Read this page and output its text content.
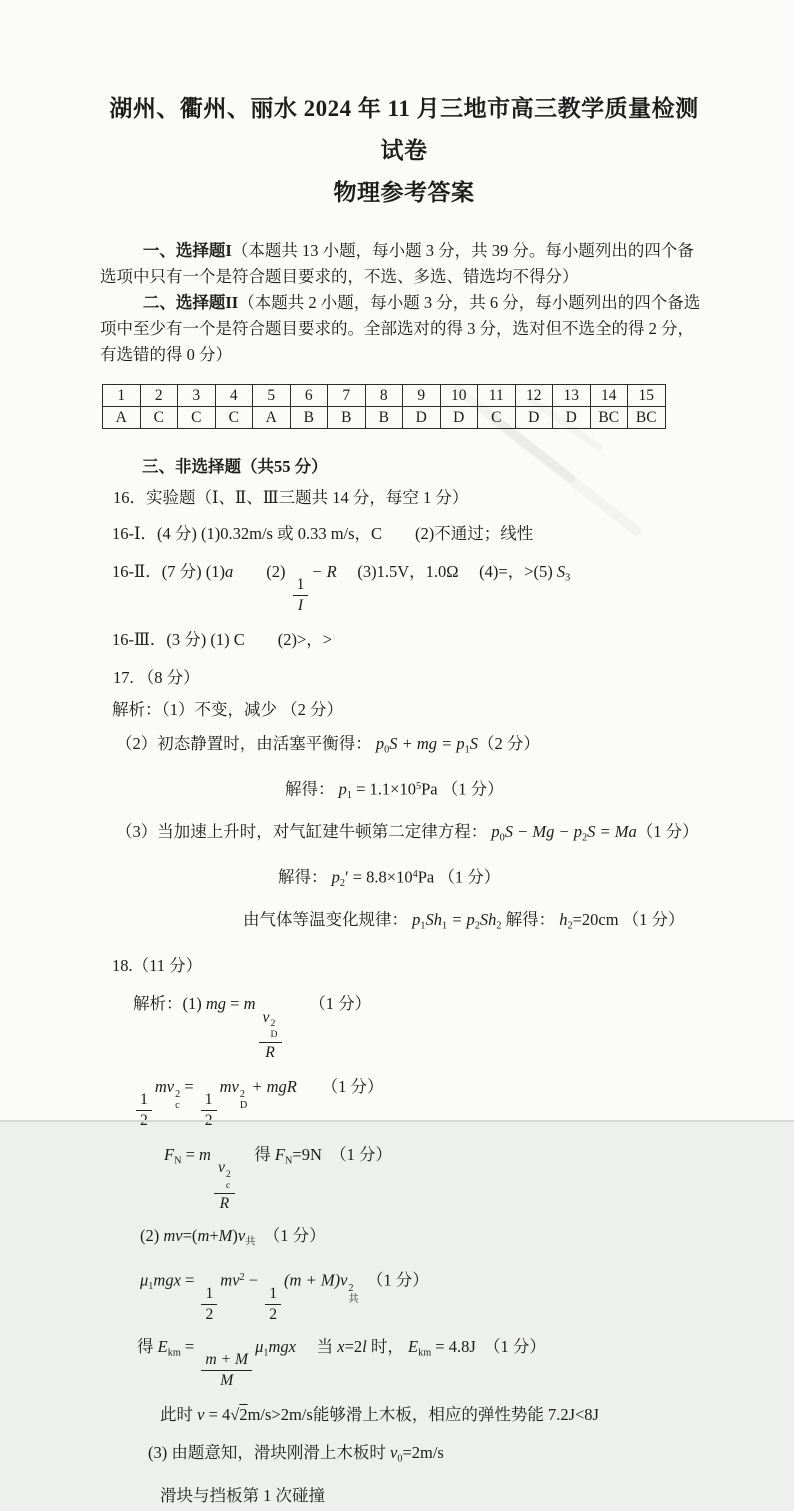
湖州、衢州、丽水 2024 年 11 月三地市高三教学质量检测试卷
物理参考答案

一、选择题I（本题共 13 小题，每小题 3 分，共 39 分。每小题列出的四个备选项中只有一个是符合题目要求的，不选、多选、错选均不得分）

二、选择题II（本题共 2 小题，每小题 3 分，共 6 分，每小题列出的四个备选项中至少有一个是符合题目要求的。全部选对的得 3 分，选对但不选全的得 2 分，有选错的得 0 分）

1	2	3	4	5	6	7	8	9	10	11	12	13	14	15
A	C	C	C	A	B	B	B	D	D	C	D	D	BC	BC

三、非选择题（共55 分）

16．实验题（Ⅰ、Ⅱ、Ⅲ三题共 14 分，每空 1 分）

16-Ⅰ．(4 分) (1)0.32m/s 或 0.33 m/s，C　　(2)不通过；线性

16-Ⅱ．(7 分) (1)a　　(2)
$\frac{1}{I}$
− R　 (3)1.5V，1.0Ω　 (4)=，>(5) $S_3$

16-Ⅲ．(3 分) (1) C　　(2)>，>

17. （8 分）

解析：（1）不变，减少 （2 分）

（2）初态静置时，由活塞平衡得： $p_0S$ + mg = $p_1S(2$ 分）

解得： $p_1 = 1.1\times 10^5Pa$ （1 分）

（3）当加速上升时，对气缸建牛顿第二定律方程： $p_0S - Mg - p_2S = Ma(1$ 分）

解得： $p_2' = 8.8\times 10^4Pa$ （1 分）

由气体等温变化规律： $p_1Sh_1 = p_2Sh_2$ 解得： $h_2=20cm$ （1 分）

18.（11 分）

解析：(1) mg = m
v 2
D
R
　　（1 分）

1
mv 2
c
=
1
mv 2
D
+ mgR　　（1 分）

$F_N = m$
v 2
c
R
　得 $F_N=9N$　（1 分）

(2) $mv=(m+M)v_共$　（1 分）

$\mu_1mgx$ =
$\frac{1}{2}$
$mv^2$ −
$\frac{1}{2}$
(m + M)v 2
共
　（1 分）

得 $E_{km}$ =
$\frac{m + M}{M}$
$\mu_1mgx$　 当 x=2l 时， $E_{km} = 4.8J$　（1 分）

此时 v = 4√2m/s>2m/s能够滑上木板，相应的弹性势能 7.2J<8J

(3) 由题意知，滑块刚滑上木板时 $v_0=2m/s$

滑块与挡板第 1 次碰撞
